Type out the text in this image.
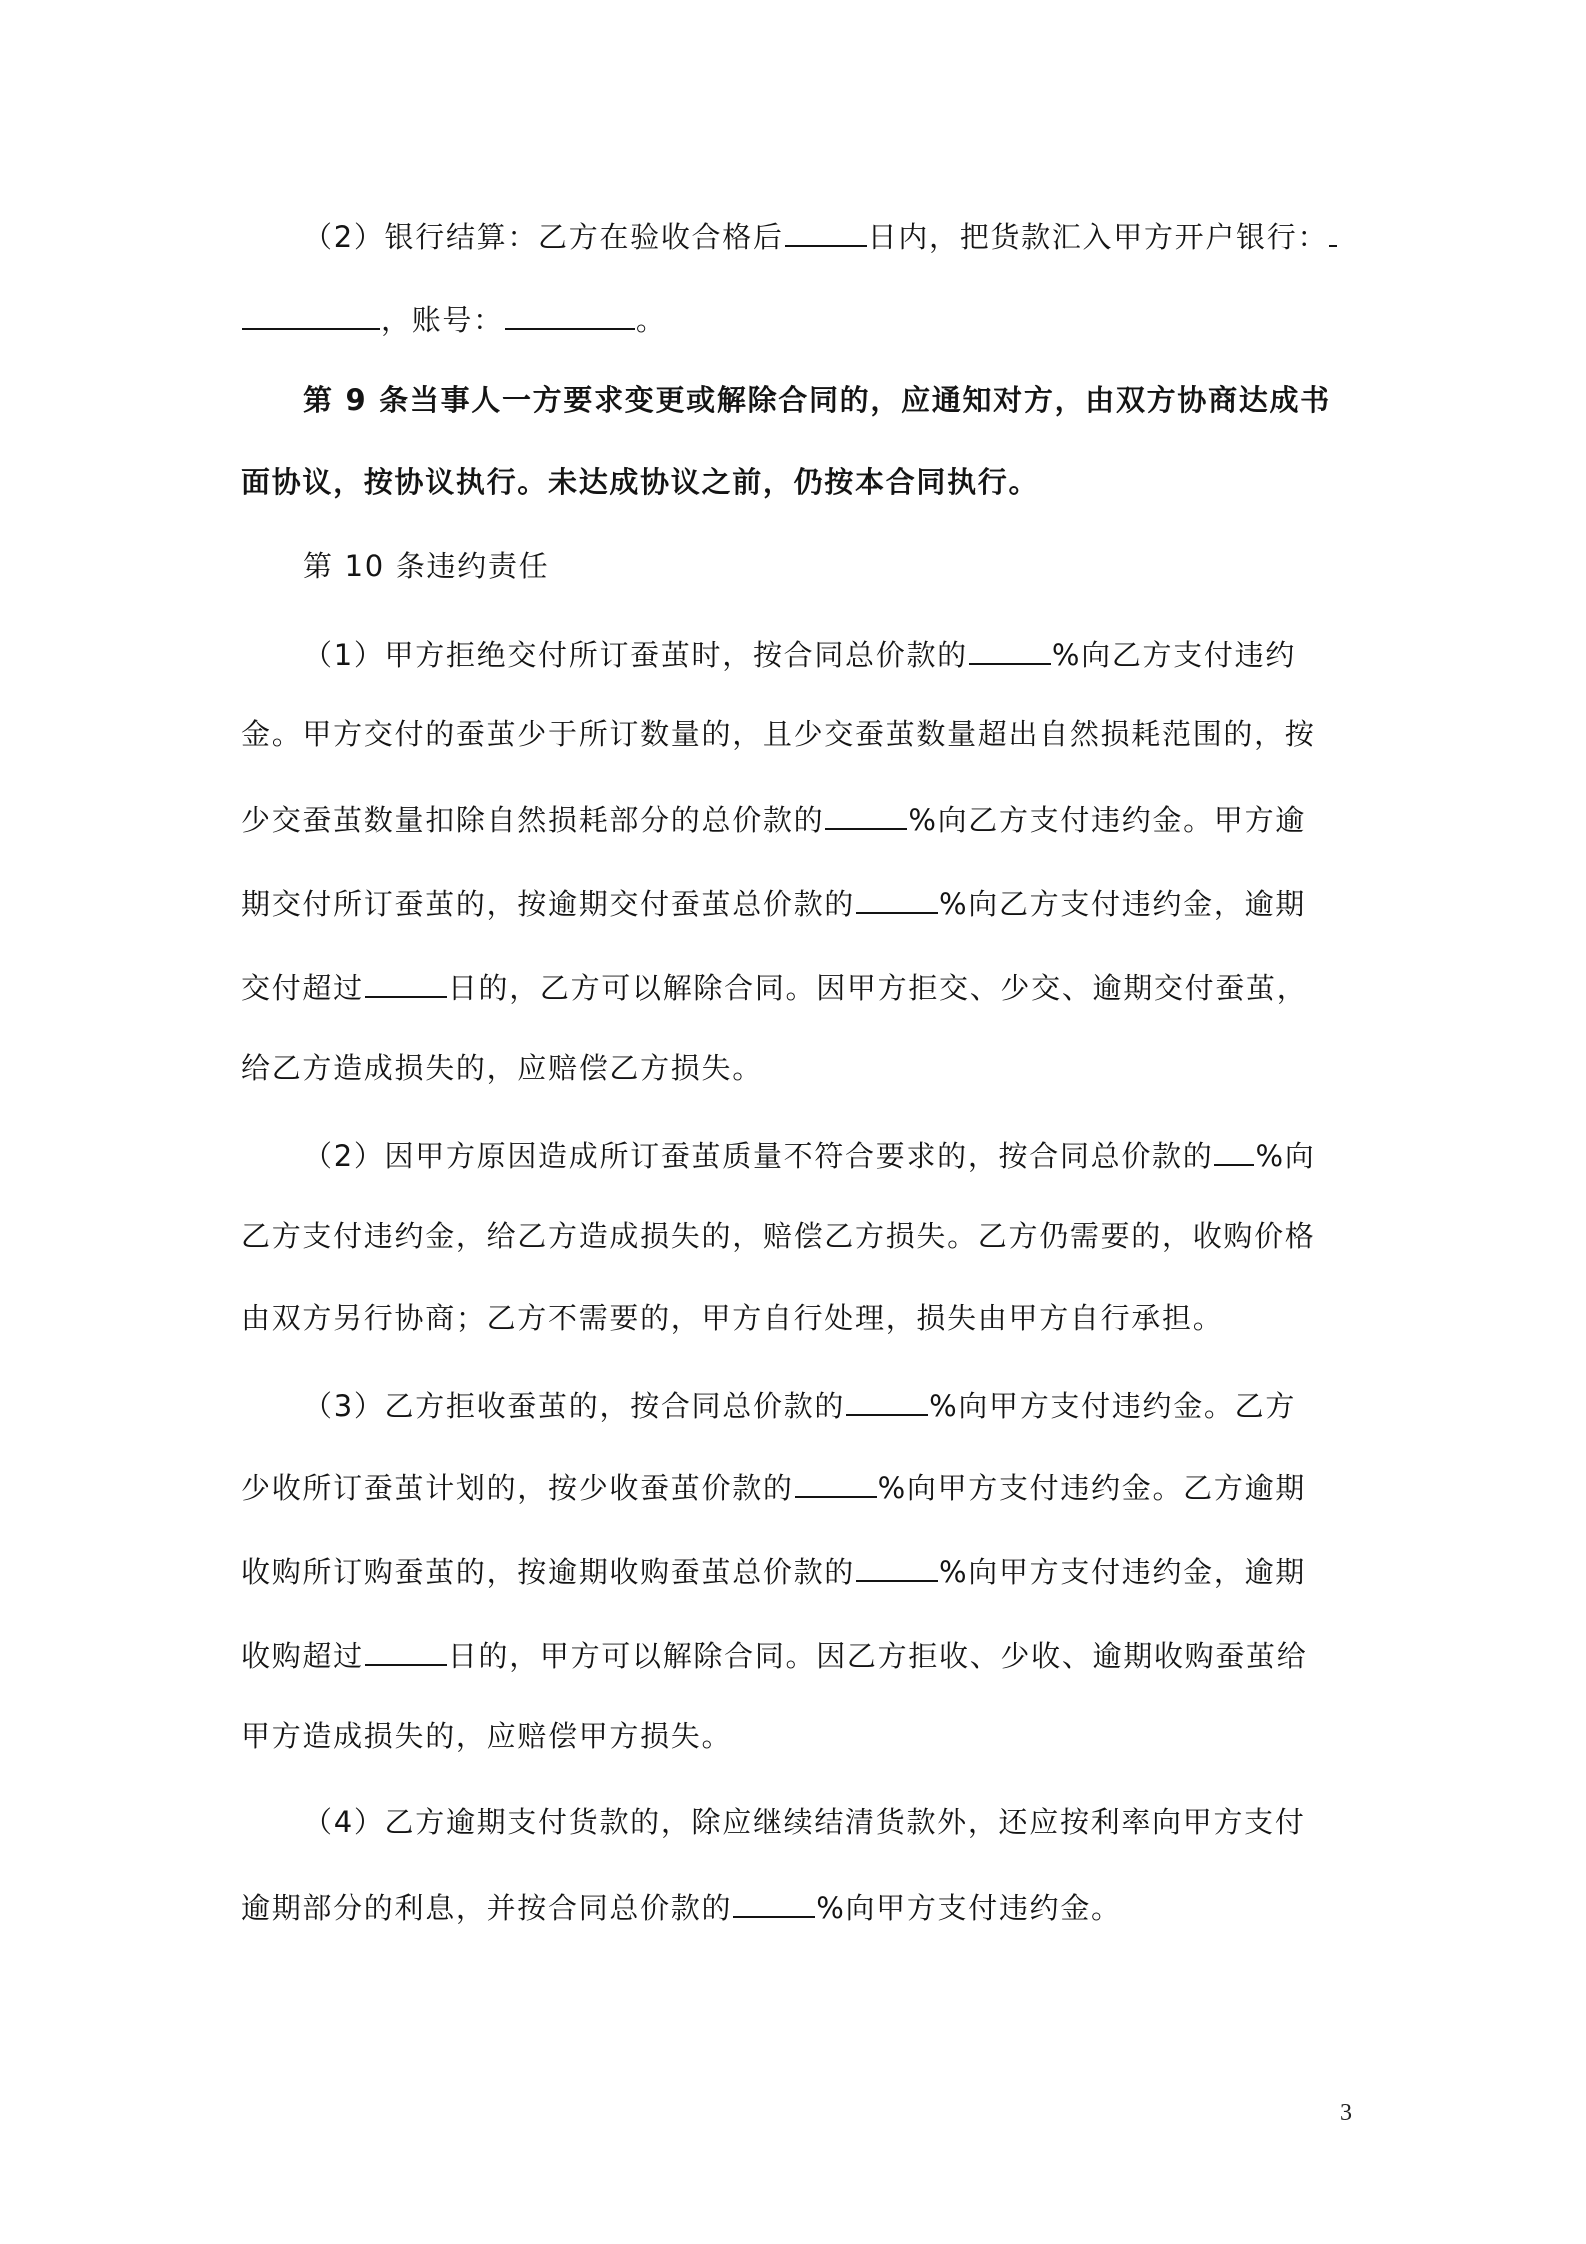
（2）银行结算：乙方在验收合格后	日内，把货款汇入甲方开户银行：
，账号：	。
第 9 条当事人一方要求变更或解除合同的，应通知对方，由双方协商达成书
面协议，按协议执行。未达成协议之前，仍按本合同执行。
第 10 条违约责任
（1）甲方拒绝交付所订蚕茧时，按合同总价款的	%向乙方支付违约
金。甲方交付的蚕茧少于所订数量的，且少交蚕茧数量超出自然损耗范围的，按
少交蚕茧数量扣除自然损耗部分的总价款的	%向乙方支付违约金。甲方逾
期交付所订蚕茧的，按逾期交付蚕茧总价款的	%向乙方支付违约金，逾期
交付超过	日的，乙方可以解除合同。因甲方拒交、少交、逾期交付蚕茧，
给乙方造成损失的，应赔偿乙方损失。
（2）因甲方原因造成所订蚕茧质量不符合要求的，按合同总价款的 %向
乙方支付违约金，给乙方造成损失的，赔偿乙方损失。乙方仍需要的，收购价格
由双方另行协商；乙方不需要的，甲方自行处理，损失由甲方自行承担。
（3）乙方拒收蚕茧的，按合同总价款的	%向甲方支付违约金。乙方
少收所订蚕茧计划的，按少收蚕茧价款的	%向甲方支付违约金。乙方逾期
收购所订购蚕茧的，按逾期收购蚕茧总价款的	%向甲方支付违约金，逾期
收购超过	日的，甲方可以解除合同。因乙方拒收、少收、逾期收购蚕茧给
甲方造成损失的，应赔偿甲方损失。
（4）乙方逾期支付货款的，除应继续结清货款外，还应按利率向甲方支付
逾期部分的利息，并按合同总价款的	%向甲方支付违约金。
3
